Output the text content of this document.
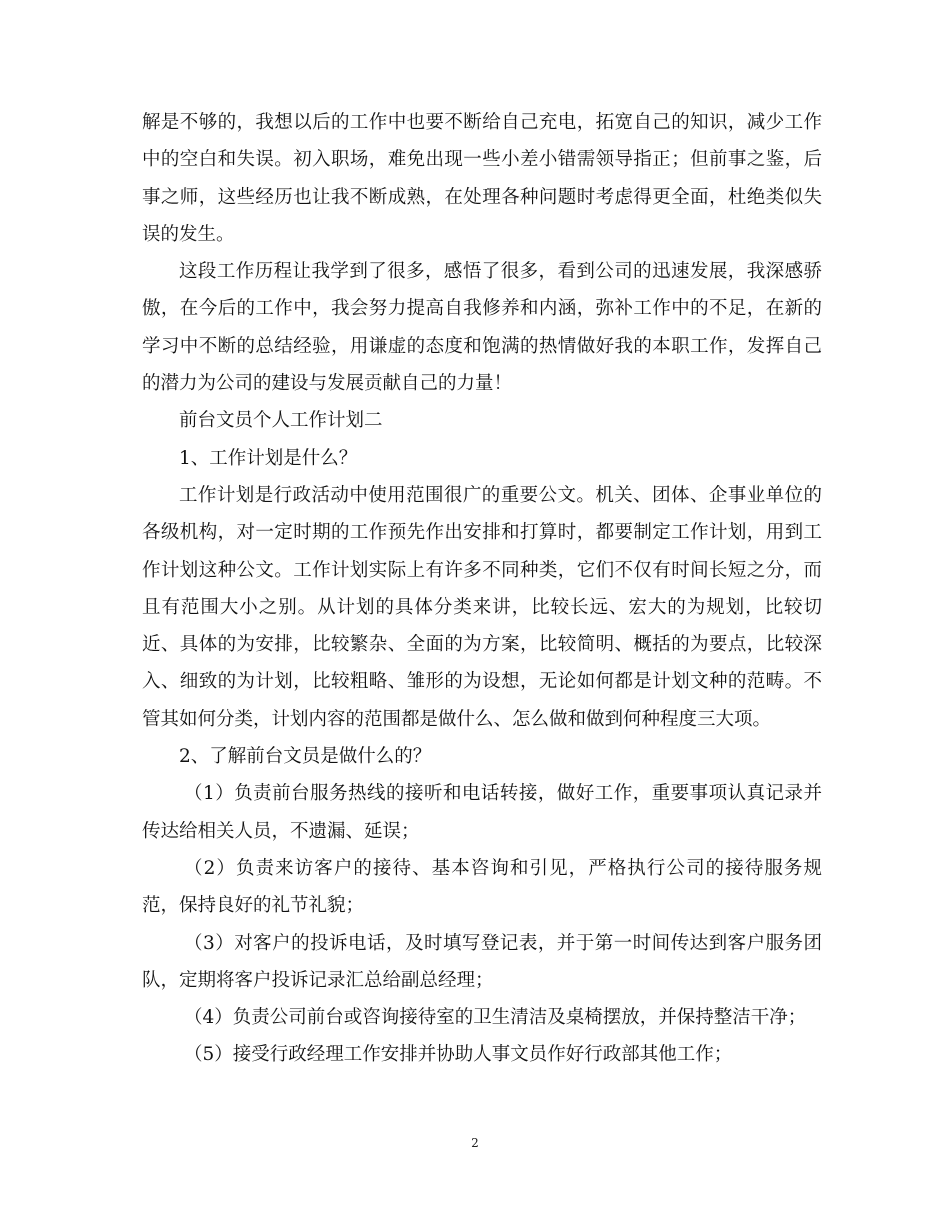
解是不够的，我想以后的工作中也要不断给自己充电，拓宽自己的知识，减少工作中的空白和失误。初入职场，难免出现一些小差小错需领导指正；但前事之鉴，后事之师，这些经历也让我不断成熟，在处理各种问题时考虑得更全面，杜绝类似失误的发生。

这段工作历程让我学到了很多，感悟了很多，看到公司的迅速发展，我深感骄傲，在今后的工作中，我会努力提高自我修养和内涵，弥补工作中的不足，在新的学习中不断的总结经验，用谦虚的态度和饱满的热情做好我的本职工作，发挥自己的潜力为公司的建设与发展贡献自己的力量！

前台文员个人工作计划二

1、工作计划是什么？

工作计划是行政活动中使用范围很广的重要公文。机关、团体、企事业单位的各级机构，对一定时期的工作预先作出安排和打算时，都要制定工作计划，用到工作计划这种公文。工作计划实际上有许多不同种类，它们不仅有时间长短之分，而且有范围大小之别。从计划的具体分类来讲，比较长远、宏大的为规划，比较切近、具体的为安排，比较繁杂、全面的为方案，比较简明、概括的为要点，比较深入、细致的为计划，比较粗略、雏形的为设想，无论如何都是计划文种的范畴。不管其如何分类，计划内容的范围都是做什么、怎么做和做到何种程度三大项。

2、了解前台文员是做什么的？

（1）负责前台服务热线的接听和电话转接，做好工作，重要事项认真记录并传达给相关人员，不遗漏、延误；

（2）负责来访客户的接待、基本咨询和引见，严格执行公司的接待服务规范，保持良好的礼节礼貌；

（3）对客户的投诉电话，及时填写登记表，并于第一时间传达到客户服务团队，定期将客户投诉记录汇总给副总经理；

（4）负责公司前台或咨询接待室的卫生清洁及桌椅摆放，并保持整洁干净；

（5）接受行政经理工作安排并协助人事文员作好行政部其他工作；

2
